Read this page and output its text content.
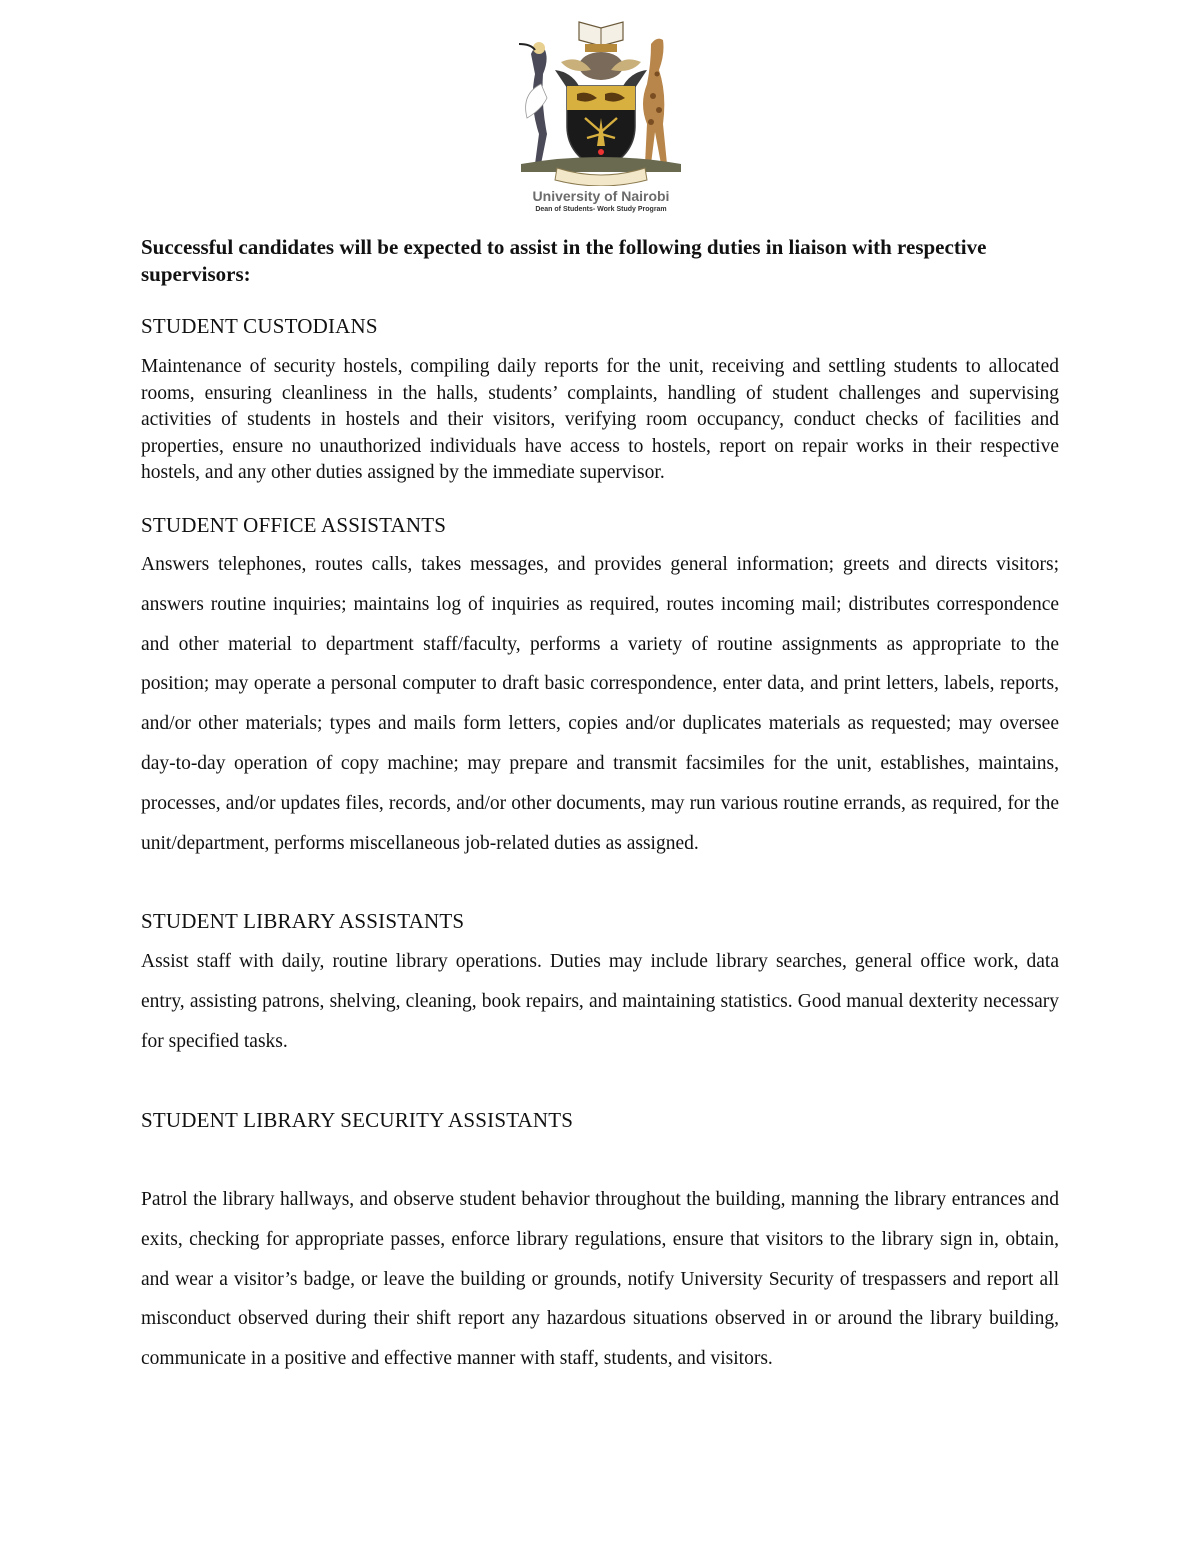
University of Nairobi
Dean of Students- Work Study Program
Successful candidates will be expected to assist in the following duties in liaison with respective supervisors:
STUDENT CUSTODIANS
Maintenance of security hostels, compiling daily reports for the unit, receiving and settling students to allocated rooms, ensuring cleanliness in the halls, students’ complaints, handling of student challenges and supervising activities of students in hostels and their visitors, verifying room occupancy, conduct checks of facilities and properties, ensure no unauthorized individuals have access to hostels, report on repair works in their respective hostels, and any other duties assigned by the immediate supervisor.
STUDENT OFFICE ASSISTANTS
Answers telephones, routes calls, takes messages, and provides general information; greets and directs visitors; answers routine inquiries; maintains log of inquiries as required, routes incoming mail; distributes correspondence and other material to department staff/faculty, performs a variety of routine assignments as appropriate to the position; may operate a personal computer to draft basic correspondence, enter data, and print letters, labels, reports, and/or other materials; types and mails form letters, copies and/or duplicates materials as requested; may oversee day-to-day operation of copy machine; may prepare and transmit facsimiles for the unit, establishes, maintains, processes, and/or updates files, records, and/or other documents, may run various routine errands, as required, for the unit/department, performs miscellaneous job-related duties as assigned.
STUDENT LIBRARY ASSISTANTS
Assist staff with daily, routine library operations. Duties may include library searches, general office work, data entry, assisting patrons, shelving, cleaning, book repairs, and maintaining statistics. Good manual dexterity necessary for specified tasks.
STUDENT LIBRARY SECURITY ASSISTANTS
Patrol the library hallways, and observe student behavior throughout the building, manning the library entrances and exits, checking for appropriate passes, enforce library regulations, ensure that visitors to the library sign in, obtain, and wear a visitor’s badge, or leave the building or grounds, notify University Security of trespassers and report all misconduct observed during their shift report any hazardous situations observed in or around the library building, communicate in a positive and effective manner with staff, students, and visitors.
